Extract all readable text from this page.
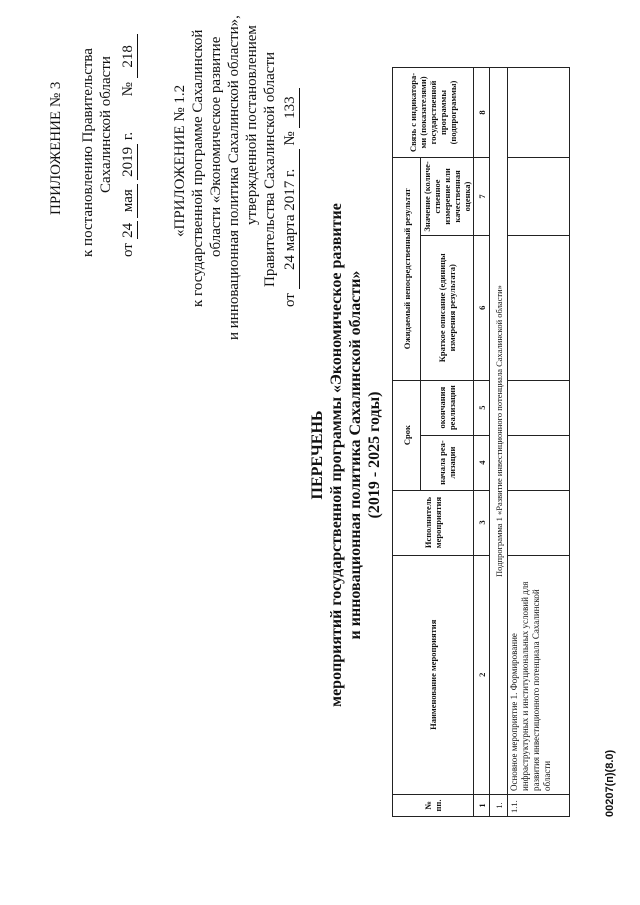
ПРИЛОЖЕНИЕ № 3 к постановлению Правительства Сахалинской области
от 24 мая 2019 г.  № 218
«ПРИЛОЖЕНИЕ № 1.2 к государственной программе Сахалинской области «Экономическое развитие и инновационная политика Сахалинской области», утвержденной постановлением Правительства Сахалинской области
от 24 марта 2017 г. № 133
ПЕРЕЧЕНЬ мероприятий государственной программы «Экономическое развитие и инновационная политика Сахалинской области» (2019 - 2025 годы)
№ пп.	Наименование мероприятия	Исполнитель мероприятия	Срок		Ожидаемый непосредственный результат		Связь с индикатора-ми (показателями) государственной программы (подпрограммы)
			начала реа-лизации	окончания реализации	Краткое описание (единицы измерения результата)	Значение (количе-ственное измерение или качественная оценка)	
1	2	3	4	5	6	7	8
1.	Подпрограмма 1 «Развитие инвестиционного потенциала Сахалинской области»						
1.1.	Основное мероприятие 1. Формирование инфраструктурных и институциональных условий для развития инвестиционного потенциала Сахалинской области							00207(п)(8.0)
